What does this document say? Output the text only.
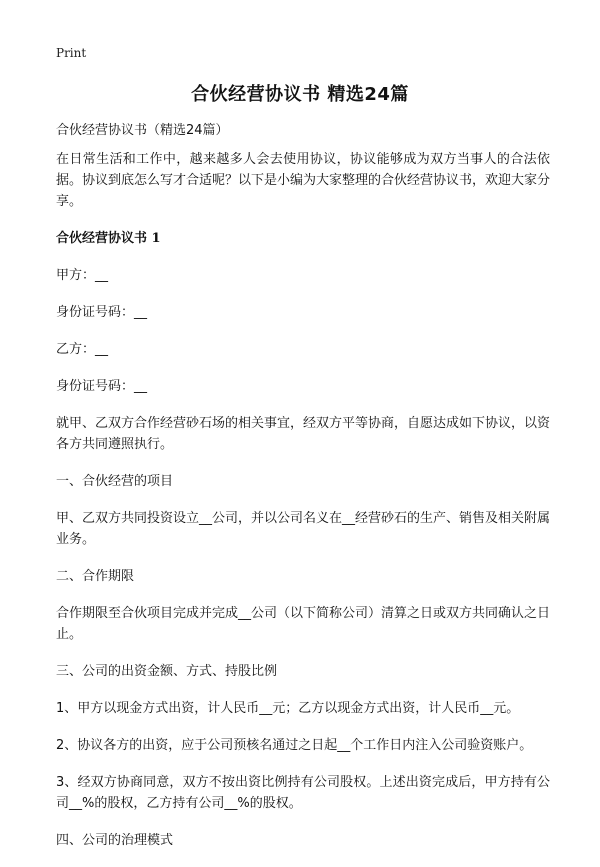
Print
合伙经营协议书 精选24篇

合伙经营协议书（精选24篇）

在日常生活和工作中，越来越多人会去使用协议，协议能够成为双方当事人的合法依据。协议到底怎么写才合适呢？以下是小编为大家整理的合伙经营协议书，欢迎大家分享。

合伙经营协议书 1

甲方：__

身份证号码：__

乙方：__

身份证号码：__

就甲、乙双方合作经营砂石场的相关事宜，经双方平等协商，自愿达成如下协议，以资各方共同遵照执行。

一、合伙经营的项目

甲、乙双方共同投资设立__公司，并以公司名义在__经营砂石的生产、销售及相关附属业务。

二、合作期限

合作期限至合伙项目完成并完成__公司（以下简称公司）清算之日或双方共同确认之日止。

三、公司的出资金额、方式、持股比例

1、甲方以现金方式出资，计人民币__元；乙方以现金方式出资，计人民币__元。

2、协议各方的出资，应于公司预核名通过之日起__个工作日内注入公司验资账户。

3、经双方协商同意，双方不按出资比例持有公司股权。上述出资完成后，甲方持有公司__%的股权，乙方持有公司__%的股权。

四、公司的治理模式
